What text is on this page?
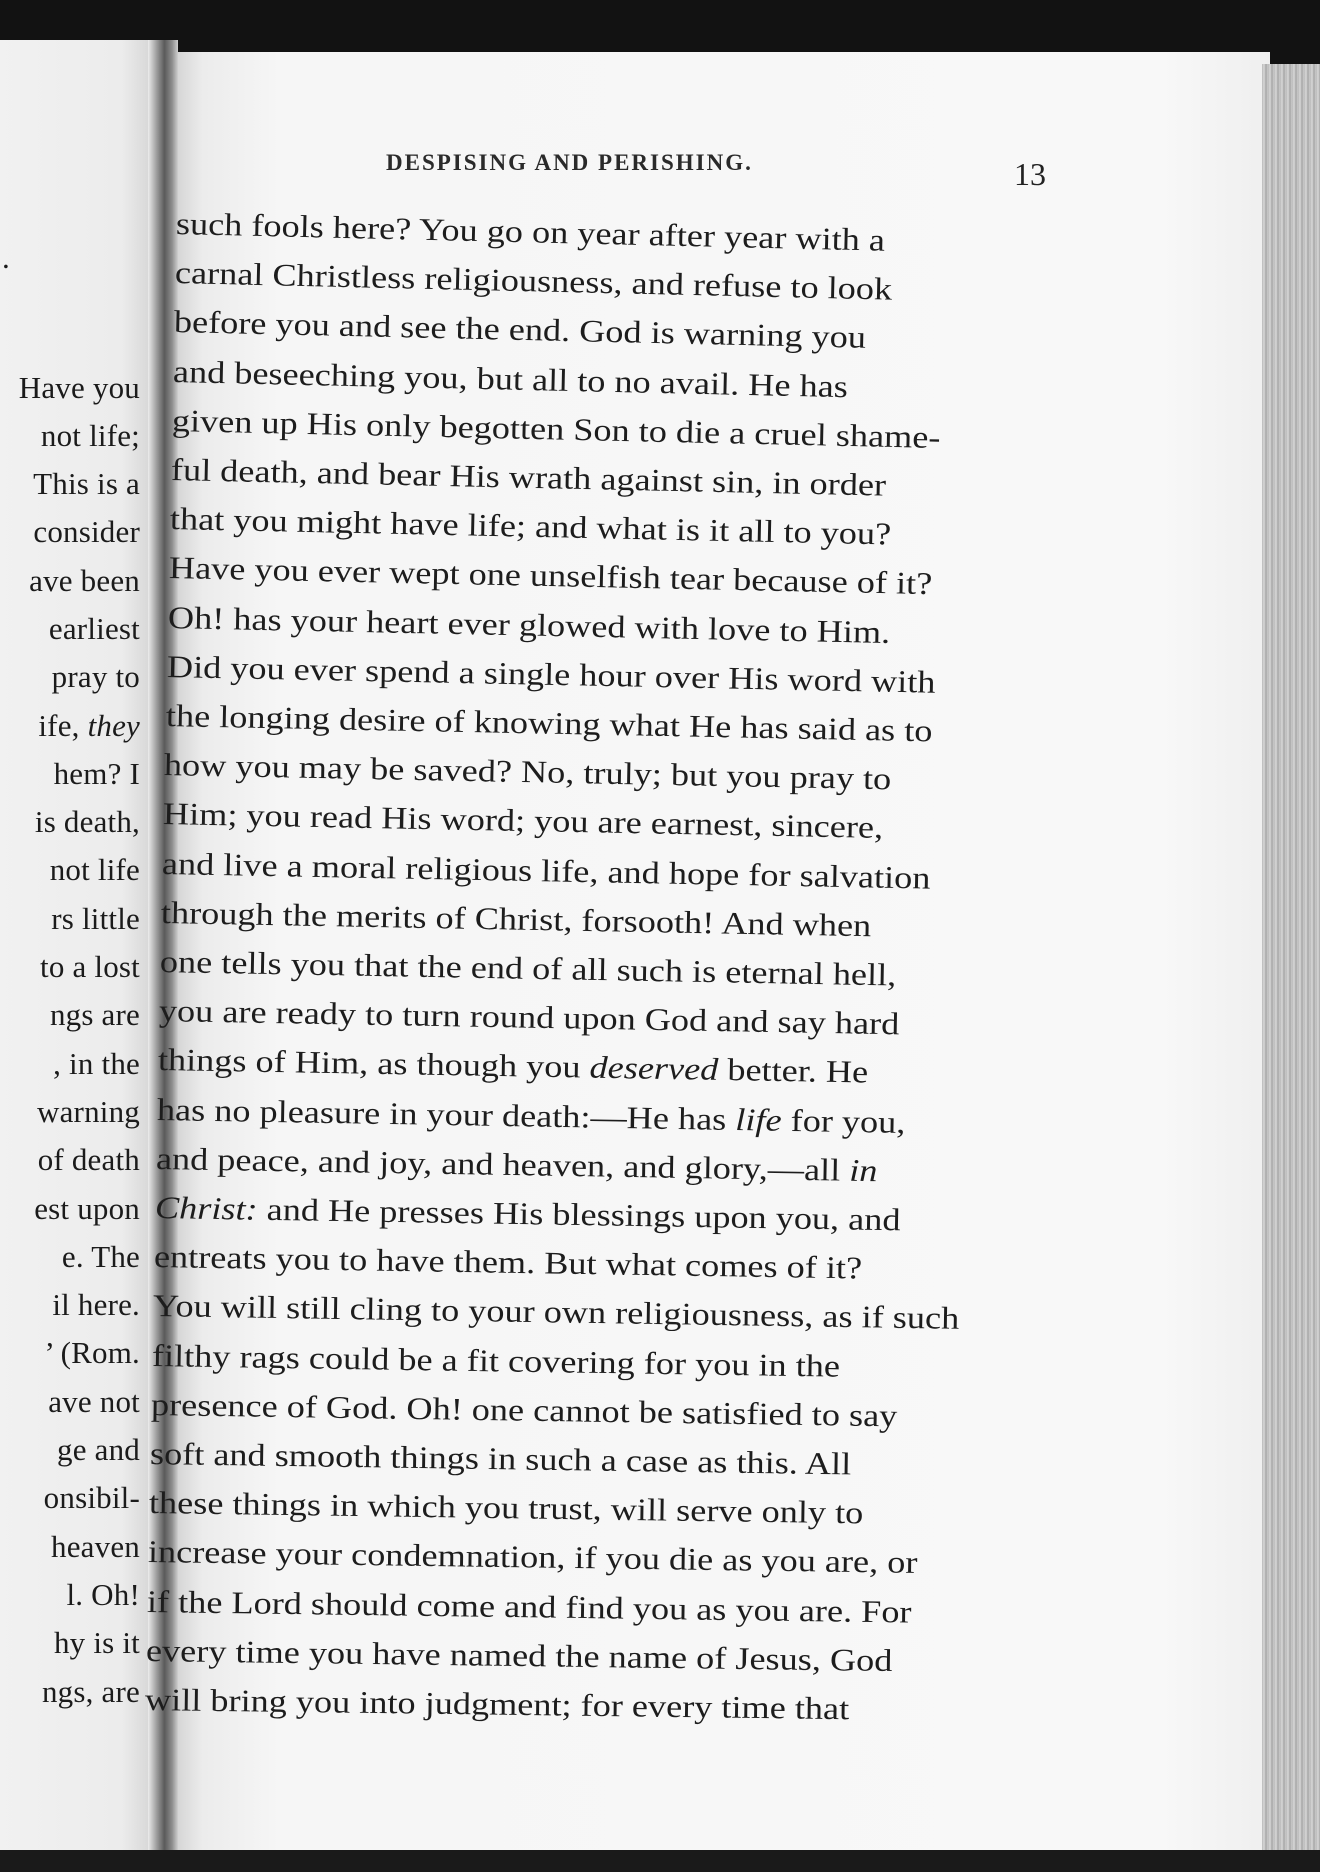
.
Have you
not life;
This is a
consider
ave been
earliest
pray to
ife, they
hem? I
is death,
not life
rs little
to a lost
ngs are
, in the
warning
of death
est upon
e. The
il here.
’ (Rom.
ave not
ge and
onsibil-
heaven
l. Oh!
hy is it
ngs, are
DESPISING AND PERISHING.	13
such fools here? You go on year after year with a
carnal Christless religiousness, and refuse to look
before you and see the end. God is warning you
and beseeching you, but all to no avail. He has
given up His only begotten Son to die a cruel shame-
ful death, and bear His wrath against sin, in order
that you might have life; and what is it all to you?
Have you ever wept one unselfish tear because of it?
Oh! has your heart ever glowed with love to Him.
Did you ever spend a single hour over His word with
the longing desire of knowing what He has said as to
how you may be saved? No, truly; but you pray to
Him; you read His word; you are earnest, sincere,
and live a moral religious life, and hope for salvation
through the merits of Christ, forsooth! And when
one tells you that the end of all such is eternal hell,
you are ready to turn round upon God and say hard
things of Him, as though you deserved better. He
has no pleasure in your death:—He has life for you,
and peace, and joy, and heaven, and glory,—all in
Christ: and He presses His blessings upon you, and
entreats you to have them. But what comes of it?
You will still cling to your own religiousness, as if such
filthy rags could be a fit covering for you in the
presence of God. Oh! one cannot be satisfied to say
soft and smooth things in such a case as this. All
these things in which you trust, will serve only to
increase your condemnation, if you die as you are, or
if the Lord should come and find you as you are. For
every time you have named the name of Jesus, God
will bring you into judgment; for every time that
